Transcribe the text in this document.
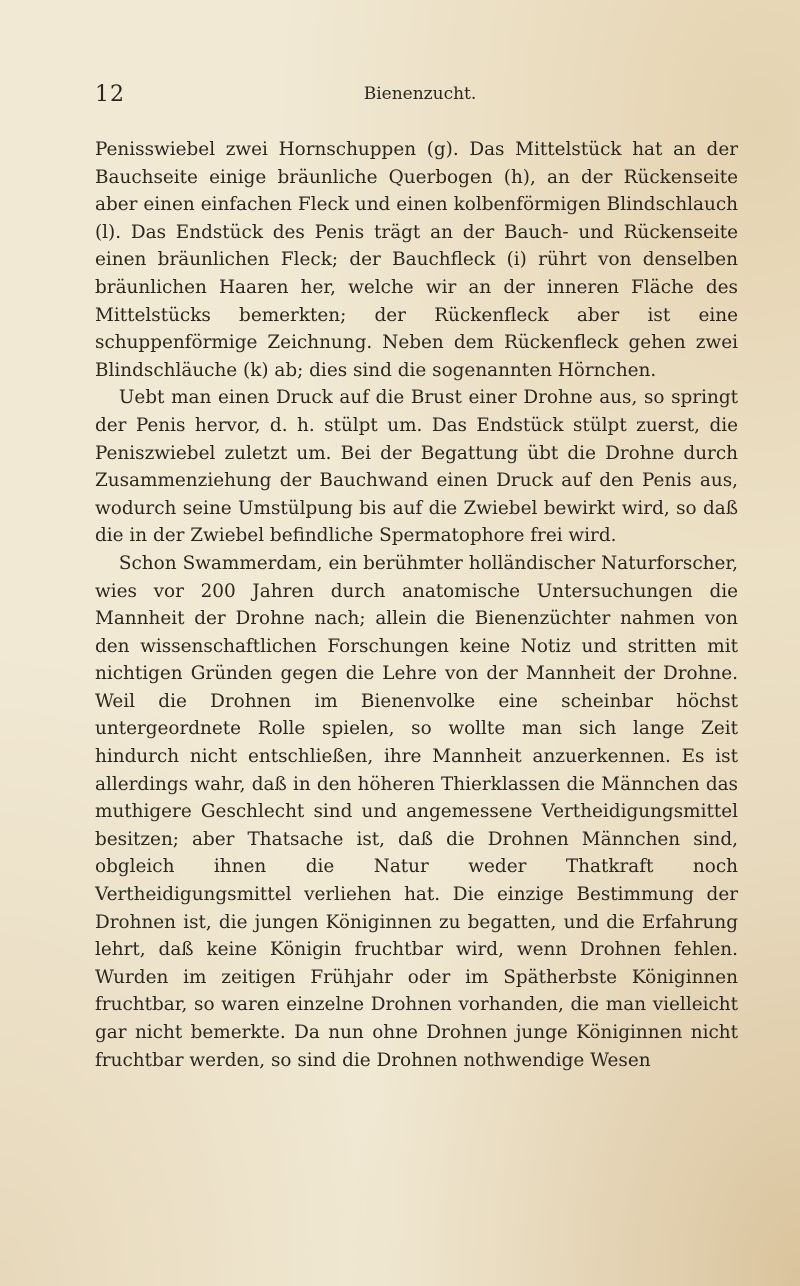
12	Bienenzucht.

Penisswiebel zwei Hornschuppen (g). Das Mittelstück hat an der Bauchseite einige bräunliche Querbogen (h), an der Rückenseite aber einen einfachen Fleck und einen kolbenförmigen Blindschlauch (l). Das Endstück des Penis trägt an der Bauch- und Rückenseite einen bräunlichen Fleck; der Bauchfleck (i) rührt von denselben bräunlichen Haaren her, welche wir an der inneren Fläche des Mittelstücks bemerkten; der Rückenfleck aber ist eine schuppenförmige Zeichnung. Neben dem Rückenfleck gehen zwei Blindschläuche (k) ab; dies sind die sogenannten Hörnchen.

Uebt man einen Druck auf die Brust einer Drohne aus, so springt der Penis hervor, d. h. stülpt um. Das Endstück stülpt zuerst, die Peniszwiebel zuletzt um. Bei der Begattung übt die Drohne durch Zusammenziehung der Bauchwand einen Druck auf den Penis aus, wodurch seine Umstülpung bis auf die Zwiebel bewirkt wird, so daß die in der Zwiebel befindliche Spermatophore frei wird.

Schon Swammerdam, ein berühmter holländischer Naturforscher, wies vor 200 Jahren durch anatomische Untersuchungen die Mannheit der Drohne nach; allein die Bienenzüchter nahmen von den wissenschaftlichen Forschungen keine Notiz und stritten mit nichtigen Gründen gegen die Lehre von der Mannheit der Drohne. Weil die Drohnen im Bienenvolke eine scheinbar höchst untergeordnete Rolle spielen, so wollte man sich lange Zeit hindurch nicht entschließen, ihre Mannheit anzuerkennen. Es ist allerdings wahr, daß in den höheren Thierklassen die Männchen das muthigere Geschlecht sind und angemessene Vertheidigungsmittel besitzen; aber Thatsache ist, daß die Drohnen Männchen sind, obgleich ihnen die Natur weder Thatkraft noch Vertheidigungsmittel verliehen hat. Die einzige Bestimmung der Drohnen ist, die jungen Königinnen zu begatten, und die Erfahrung lehrt, daß keine Königin fruchtbar wird, wenn Drohnen fehlen. Wurden im zeitigen Frühjahr oder im Spätherbste Königinnen fruchtbar, so waren einzelne Drohnen vorhanden, die man vielleicht gar nicht bemerkte. Da nun ohne Drohnen junge Königinnen nicht fruchtbar werden, so sind die Drohnen nothwendige Wesen
